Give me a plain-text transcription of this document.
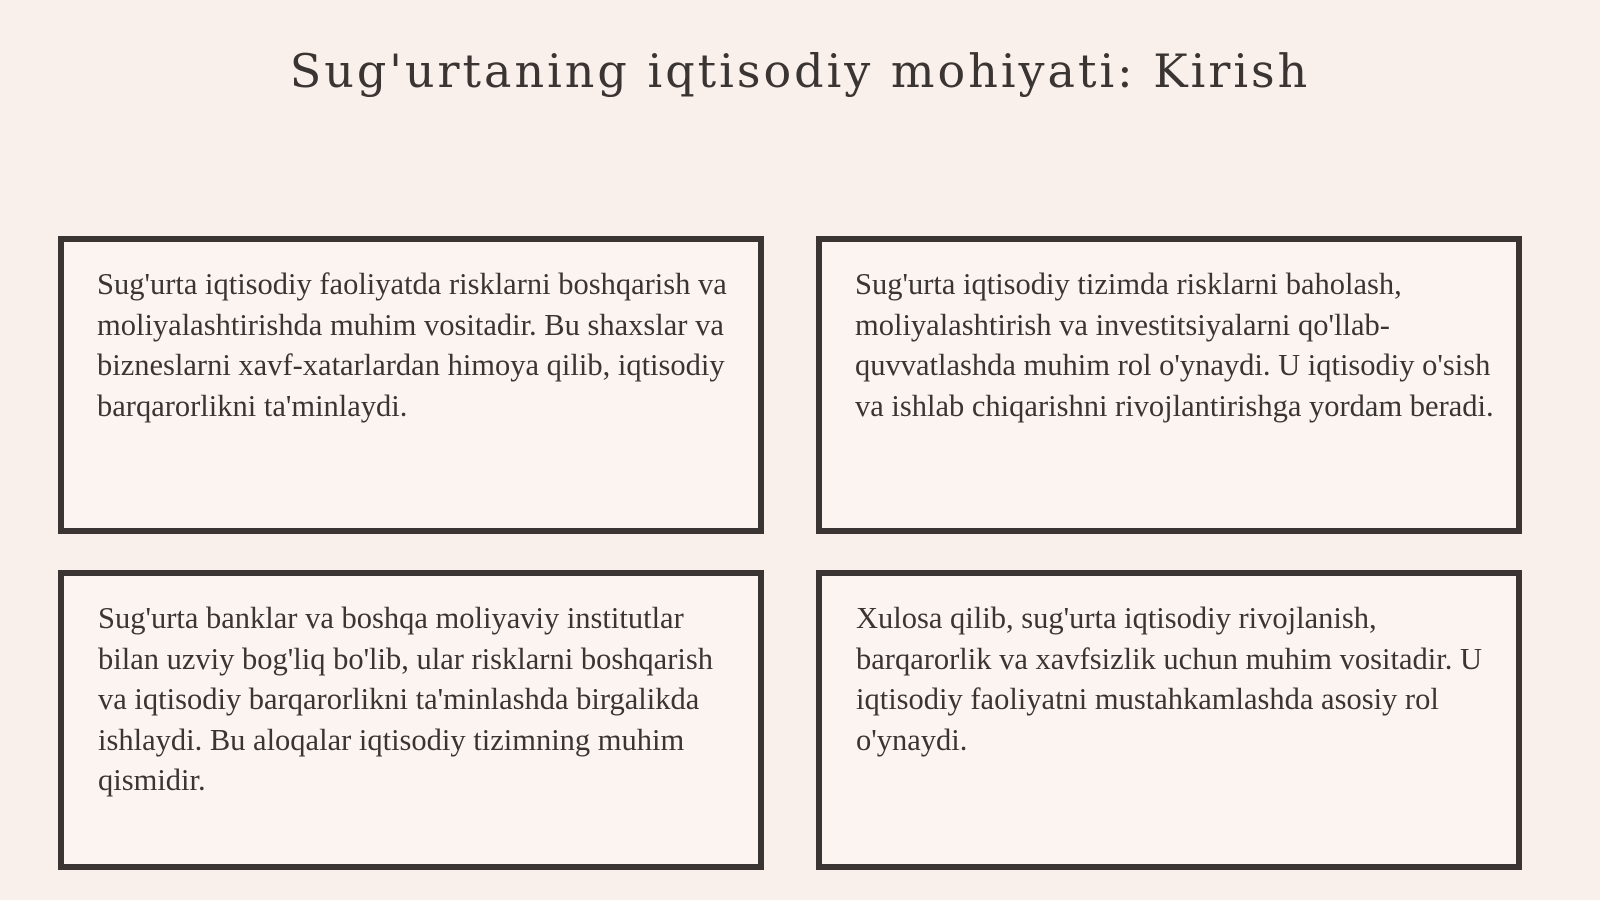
Sug'urtaning iqtisodiy mohiyati: Kirish

Sug'urta iqtisodiy faoliyatda risklarni boshqarish va moliyalashtirishda muhim vositadir. Bu shaxslar va bizneslarni xavf-xatarlardan himoya qilib, iqtisodiy barqarorlikni ta'minlaydi.

Sug'urta iqtisodiy tizimda risklarni baholash, moliyalashtirish va investitsiyalarni qo'llab-quvvatlashda muhim rol o'ynaydi. U iqtisodiy o'sish va ishlab chiqarishni rivojlantirishga yordam beradi.

Sug'urta banklar va boshqa moliyaviy institutlar bilan uzviy bog'liq bo'lib, ular risklarni boshqarish va iqtisodiy barqarorlikni ta'minlashda birgalikda ishlaydi. Bu aloqalar iqtisodiy tizimning muhim qismidir.

Xulosa qilib, sug'urta iqtisodiy rivojlanish, barqarorlik va xavfsizlik uchun muhim vositadir. U iqtisodiy faoliyatni mustahkamlashda asosiy rol o'ynaydi.
